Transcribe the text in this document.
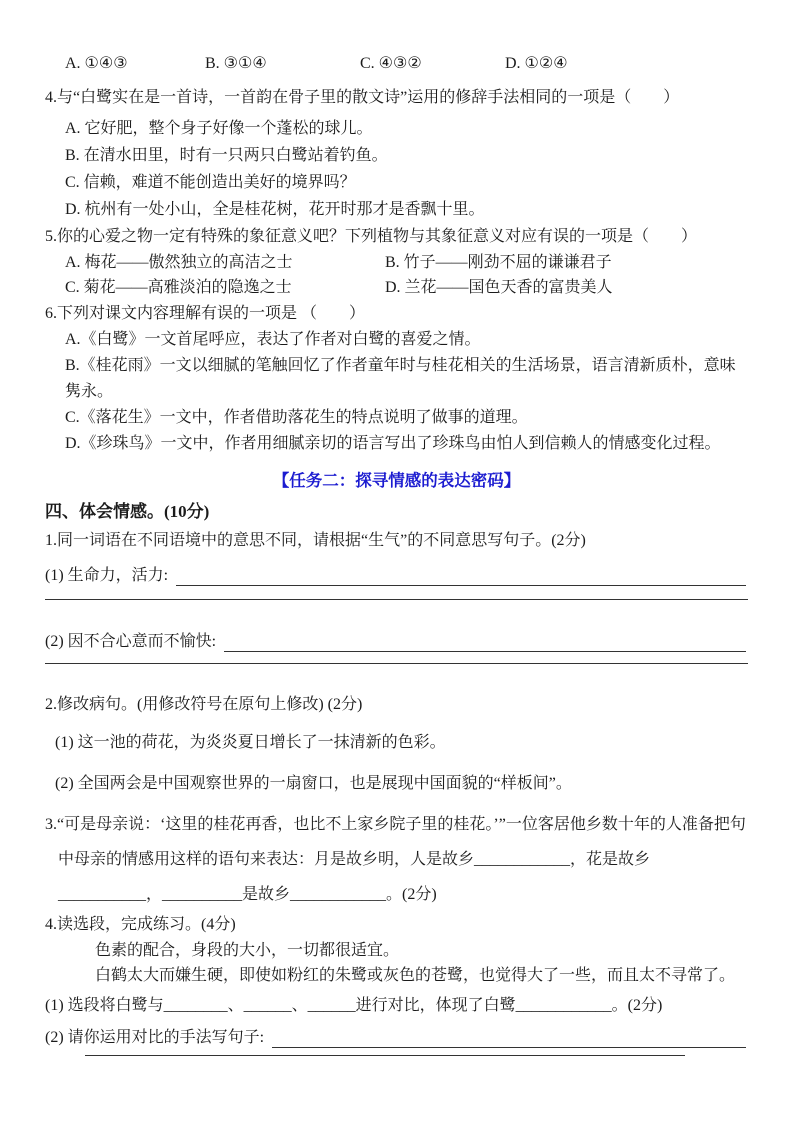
A. ①④③	B. ③①④	C. ④③②	D. ①②④
4.与“白鹭实在是一首诗，一首韵在骨子里的散文诗”运用的修辞手法相同的一项是（　　）
A. 它好肥，整个身子好像一个蓬松的球儿。
B. 在清水田里，时有一只两只白鹭站着钓鱼。
C. 信赖，难道不能创造出美好的境界吗？
D. 杭州有一处小山，全是桂花树，花开时那才是香飘十里。
5.你的心爱之物一定有特殊的象征意义吧？下列植物与其象征意义对应有误的一项是（　　）
A. 梅花——傲然独立的高洁之士	B. 竹子——刚劲不屈的谦谦君子
C. 菊花——高雅淡泊的隐逸之士	D. 兰花——国色天香的富贵美人
6.下列对课文内容理解有误的一项是 （　　）
A.《白鹭》一文首尾呼应，表达了作者对白鹭的喜爱之情。
B.《桂花雨》一文以细腻的笔触回忆了作者童年时与桂花相关的生活场景，语言清新质朴，意味隽永。
C.《落花生》一文中，作者借助落花生的特点说明了做事的道理。
D.《珍珠鸟》一文中，作者用细腻亲切的语言写出了珍珠鸟由怕人到信赖人的情感变化过程。
【任务二：探寻情感的表达密码】
四、体会情感。(10分)
1.同一词语在不同语境中的意思不同，请根据“生气”的不同意思写句子。(2分)
(1) 生命力，活力:
(2) 因不合心意而不愉快:
2.修改病句。(用修改符号在原句上修改) (2分)
(1) 这一池的荷花，为炎炎夏日增长了一抹清新的色彩。
(2) 全国两会是中国观察世界的一扇窗口，也是展现中国面貌的“样板间”。
3.“可是母亲说：‘这里的桂花再香，也比不上家乡院子里的桂花。’”一位客居他乡数十年的人准备把句中母亲的情感用这样的语句来表达：月是故乡明，人是故乡____________，花是故乡___________，__________是故乡____________。(2分)
4.读选段，完成练习。(4分)
色素的配合，身段的大小，一切都很适宜。
白鹤太大而嫌生硬，即使如粉红的朱鹭或灰色的苍鹭，也觉得大了一些，而且太不寻常了。
(1) 选段将白鹭与________、______、______进行对比，体现了白鹭____________。(2分)
(2) 请你运用对比的手法写句子:
